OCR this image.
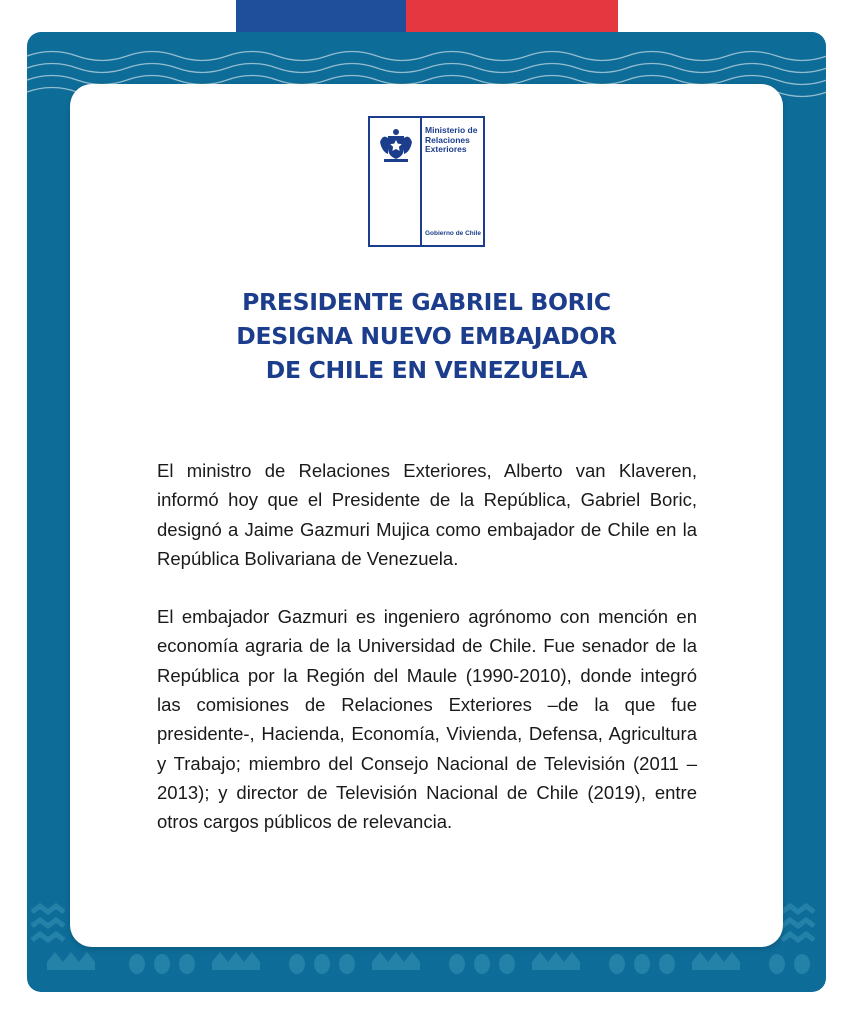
Ministerio de Relaciones Exteriores
Gobierno de Chile
PRESIDENTE GABRIEL BORIC
DESIGNA NUEVO EMBAJADOR
DE CHILE EN VENEZUELA

El ministro de Relaciones Exteriores, Alberto van Klaveren, informó hoy que el Presidente de la República, Gabriel Boric, designó a Jaime Gazmuri Mujica como embajador de Chile en la República Bolivariana de Venezuela.

El embajador Gazmuri es ingeniero agrónomo con mención en economía agraria de la Universidad de Chile. Fue senador de la República por la Región del Maule (1990-2010), donde integró las comisiones de Relaciones Exteriores –de la que fue presidente-, Hacienda, Economía, Vivienda, Defensa, Agricultura y Trabajo; miembro del Consejo Nacional de Televisión (2011 – 2013); y director de Televisión Nacional de Chile (2019), entre otros cargos públicos de relevancia.
